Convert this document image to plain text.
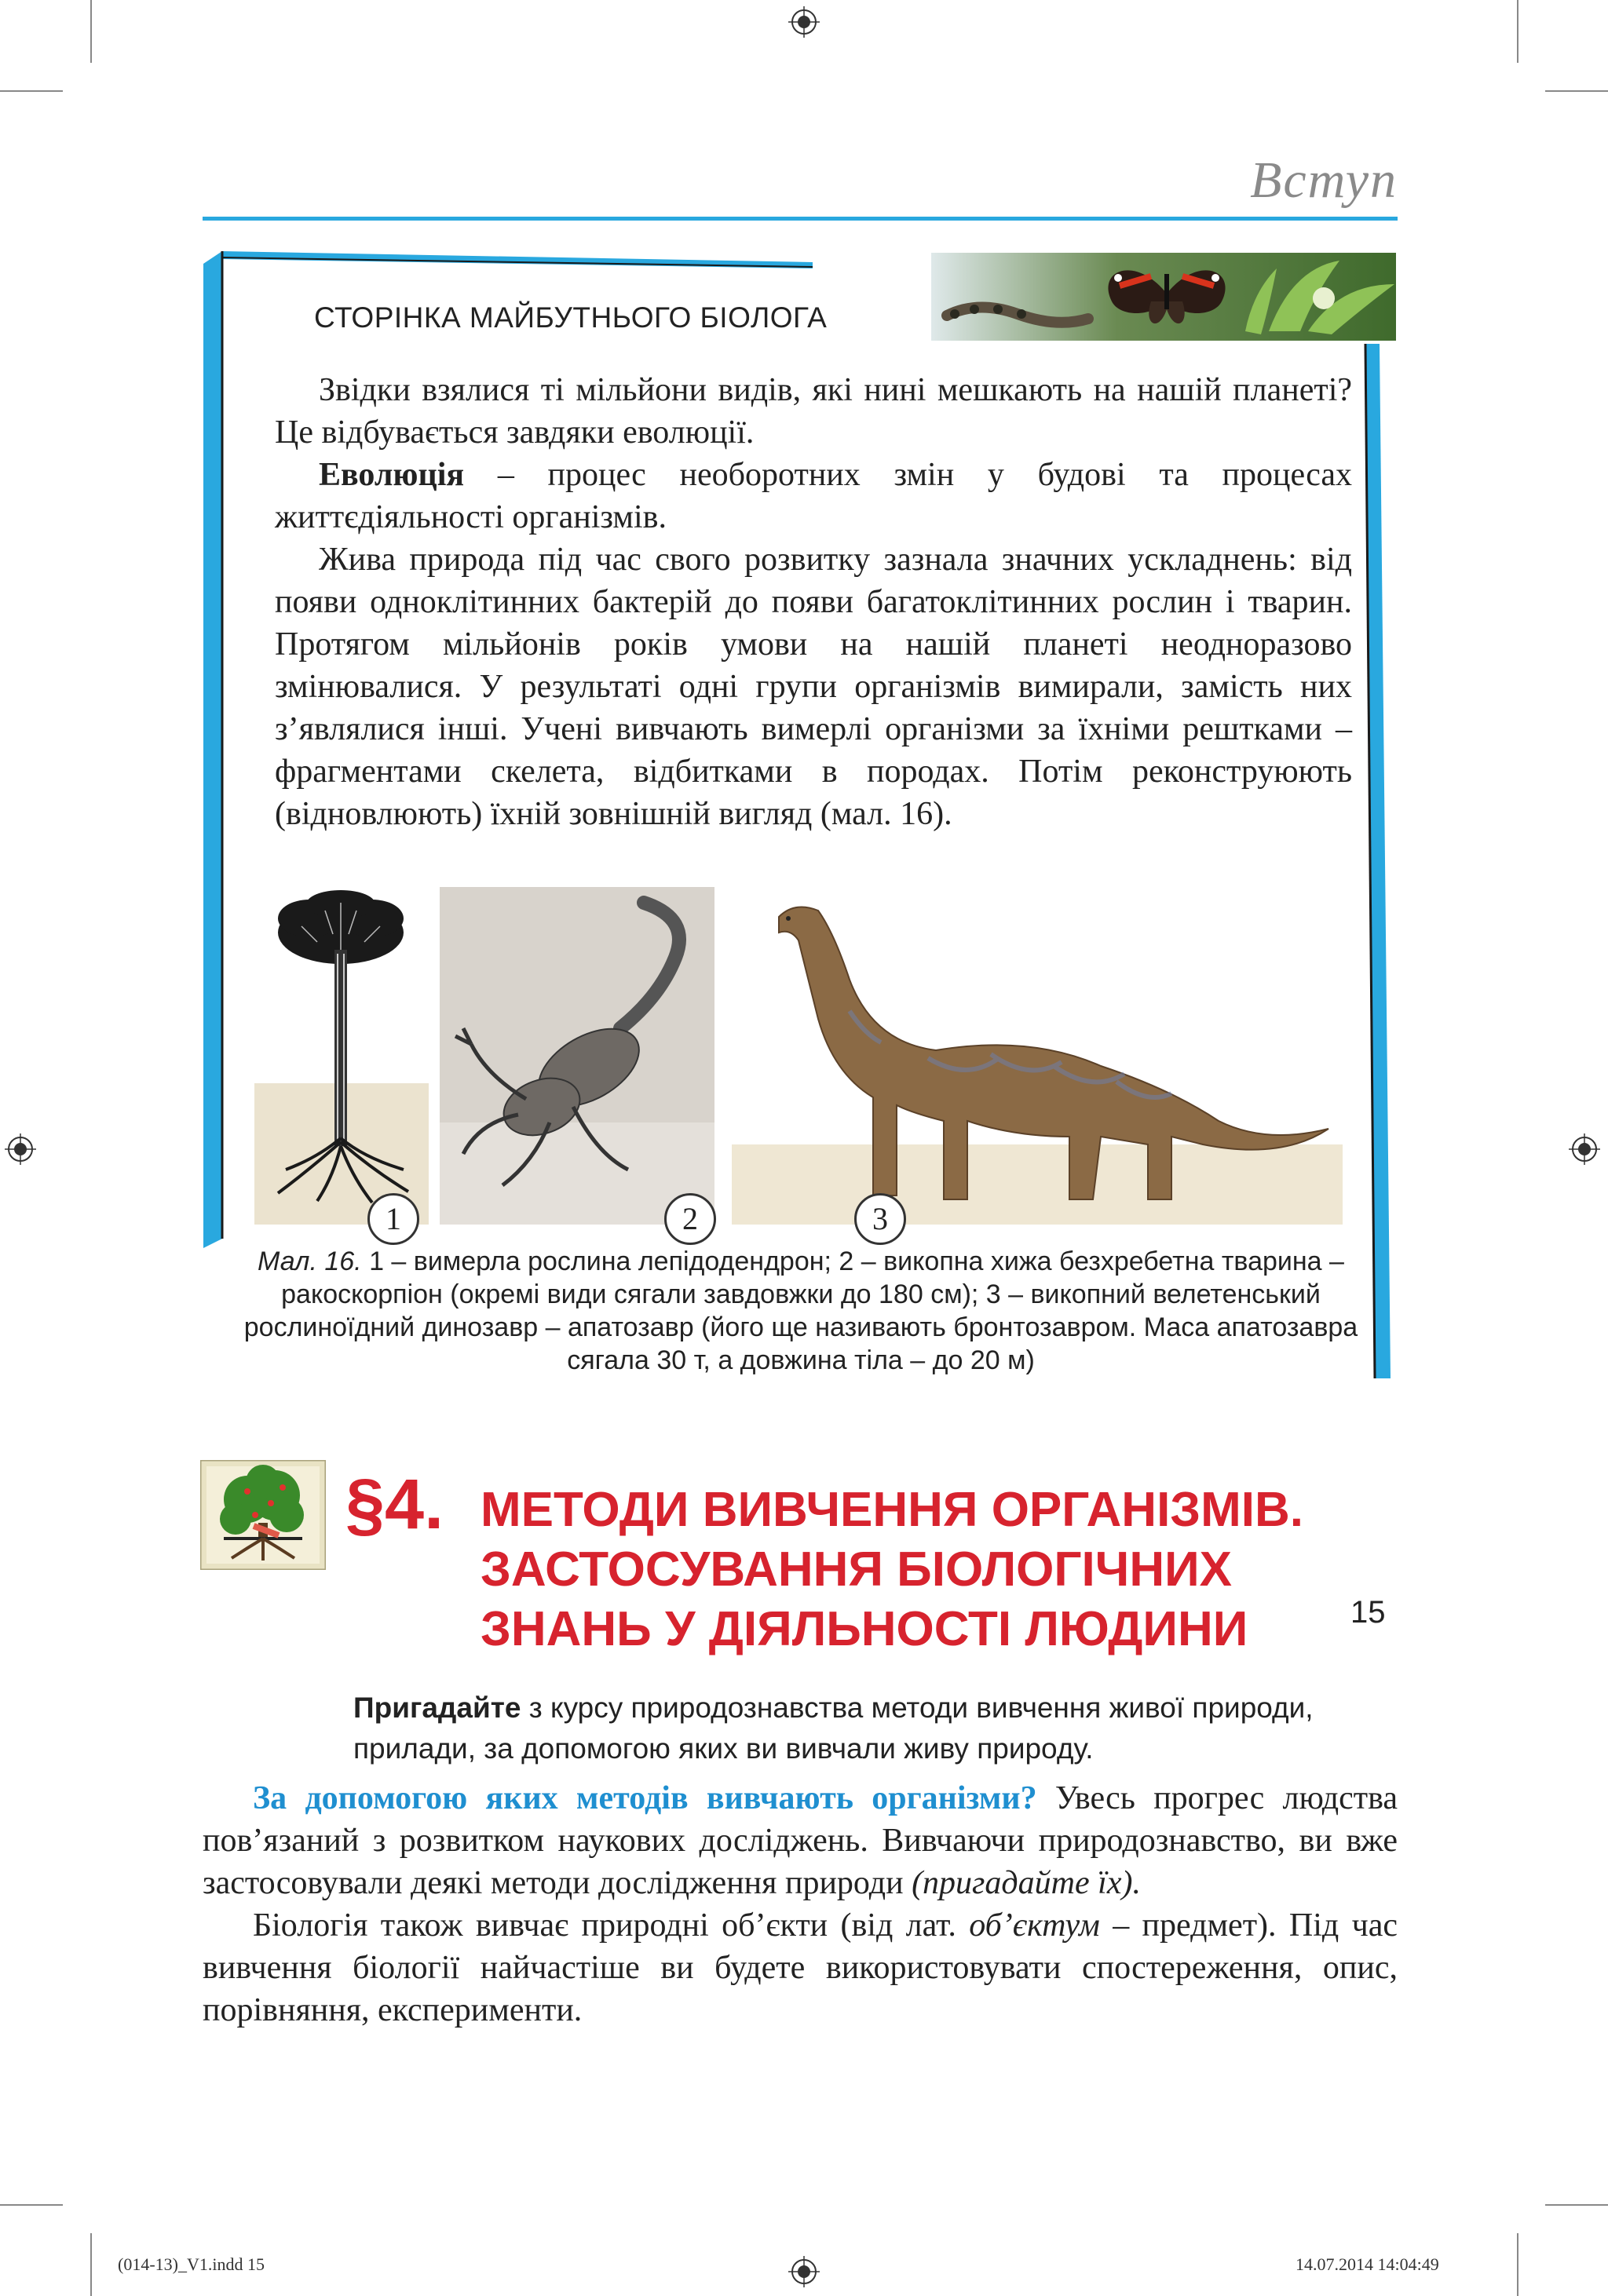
Вступ
СТОРІНКА МАЙБУТНЬОГО БІОЛОГА

Звідки взялися ті мільйони видів, які нині мешкають на нашій планеті? Це відбувається завдяки еволюції.

Еволюція – процес необоротних змін у будові та процесах життєдіяльності організмів.

Жива природа під час свого розвитку зазнала значних ускладнень: від появи одноклітинних бактерій до появи багатоклітинних рослин і тварин. Протягом мільйонів років умови на нашій планеті неодноразово змінювалися. У результаті одні групи організмів вимирали, замість них з’являлися інші. Учені вивчають вимерлі організми за їхніми рештками – фрагментами скелета, відбитками в породах. Потім реконструюють (відновлюють) їхній зовнішній вигляд (мал. 16).

1	2	3
Мал. 16. 1 – вимерла рослина лепідодендрон; 2 – викопна хижа безхребетна тварина – ракоскорпіон (окремі види сягали завдовжки до 180 см); 3 – викопний велетенський рослиноїдний динозавр – апатозавр (його ще називають бронтозавром. Маса апатозавра сягала 30 т, а довжина тіла – до 20 м)
§4. МЕТОДИ ВИВЧЕННЯ ОРГАНІЗМІВ.
ЗАСТОСУВАННЯ БІОЛОГІЧНИХ
ЗНАНЬ У ДІЯЛЬНОСТІ ЛЮДИНИ
Пригадайте з курсу природознавства методи вивчення живої природи, прилади, за допомогою яких ви вивчали живу природу.

За допомогою яких методів вивчають організми? Увесь прогрес людства пов’язаний з розвитком наукових досліджень. Вивчаючи природознавство, ви вже застосовували деякі методи дослідження природи (пригадайте їх).

Біологія також вивчає природні об’єкти (від лат. об’єктум – предмет). Під час вивчення біології найчастіше ви будете використовувати спостереження, опис, порівняння, експерименти.

15
(014-13)_V1.indd 15	14.07.2014 14:04:49
